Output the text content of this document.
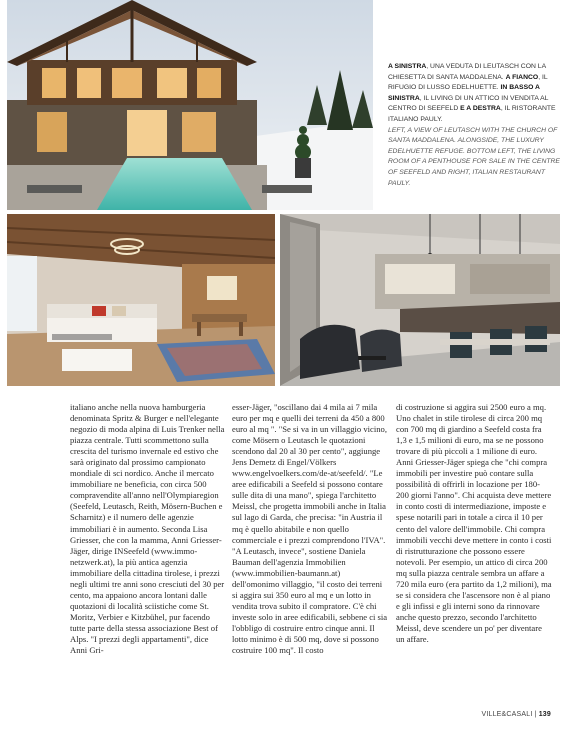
A SINISTRA, UNA VEDUTA DI LEUTASCH CON LA CHIESETTA DI SANTA MADDALENA. A FIANCO, IL RIFUGIO DI LUSSO EDELHUETTE. IN BASSO A SINISTRA, IL LIVING DI UN ATTICO IN VENDITA AL CENTRO DI SEEFELD E A DESTRA, IL RISTORANTE ITALIANO PAULY.

LEFT, A VIEW OF LEUTASCH WITH THE CHURCH OF SANTA MADDALENA. ALONGSIDE, THE LUXURY EDELHUETTE REFUGE. BOTTOM LEFT, THE LIVING ROOM OF A PENTHOUSE FOR SALE IN THE CENTRE OF SEEFELD AND RIGHT, ITALIAN RESTAURANT PAULY.

italiano anche nella nuova hamburgeria denominata Spritz & Burger e nell'elegante negozio di moda alpina di Luis Trenker nella piazza centrale. Tutti scommettono sulla crescita del turismo invernale ed estivo che sarà originato dal prossimo campionato mondiale di sci nordico. Anche il mercato immobiliare ne beneficia, con circa 500 compravendite all'anno nell'Olympiaregion (Seefeld, Leutasch, Reith, Mösern-Buchen e Scharnitz) e il numero delle agenzie immobiliari è in aumento. Seconda Lisa Griesser, che con la mamma, Anni Griesser-Jäger, dirige INSeefeld (www.immo-netzwerk.at), la più antica agenzia immobiliare della cittadina tirolese, i prezzi negli ultimi tre anni sono cresciuti del 30 per cento, ma appaiono ancora lontani dalle quotazioni di località sciistiche come St. Moritz, Verbier e Kitzbühel, pur facendo tutte parte della stessa associazione Best of Alps. "I prezzi degli appartamenti", dice Anni Gri-

esser-Jäger, "oscillano dai 4 mila ai 7 mila euro per mq e quelli dei terreni da 450 a 800 euro al mq ". "Se si va in un villaggio vicino, come Mösern o Leutasch le quotazioni scendono dal 20 al 30 per cento", aggiunge Jens Demetz di Engel/Völkers www.engelvoelkers.com/de-at/seefeld/. "Le aree edificabili a Seefeld si possono contare sulle dita di una mano", spiega l'architetto Meissl, che progetta immobili anche in Italia sul lago di Garda, che precisa: "in Austria il mq è quello abitabile e non quello commerciale e i prezzi comprendono l'IVA". "A Leutasch, invece", sostiene Daniela Bauman dell'agenzia Immobilien (www.immobilien-baumann.at) dell'omonimo villaggio, "il costo dei terreni si aggira sui 350 euro al mq e un lotto in vendita trova subito il compratore. C'è chi investe solo in aree edificabili, sebbene ci sia l'obbligo di costruire entro cinque anni. Il lotto minimo è di 500 mq, dove si possono costruire 100 mq". Il costo

di costruzione si aggira sui 2500 euro a mq. Uno chalet in stile tirolese di circa 200 mq con 700 mq di giardino a Seefeld costa fra 1,3 e 1,5 milioni di euro, ma se ne possono trovare di più piccoli a 1 milione di euro. Anni Griesser-Jäger spiega che "chi compra immobili per investire può contare sulla possibilità di offrirli in locazione per 180-200 giorni l'anno". Chi acquista deve mettere in conto costi di intermediazione, imposte e spese notarili pari in totale a circa il 10 per cento del valore dell'immobile. Chi compra immobili vecchi deve mettere in conto i costi di ristrutturazione che possono essere notevoli. Per esempio, un attico di circa 200 mq sulla piazza centrale sembra un affare a 720 mila euro (era partito da 1,2 milioni), ma se si considera che l'ascensore non è al piano e gli infissi e gli interni sono da rinnovare anche questo prezzo, secondo l'architetto Meissl, deve scendere un po' per diventare un affare.

VILLE&CASALI | 139
